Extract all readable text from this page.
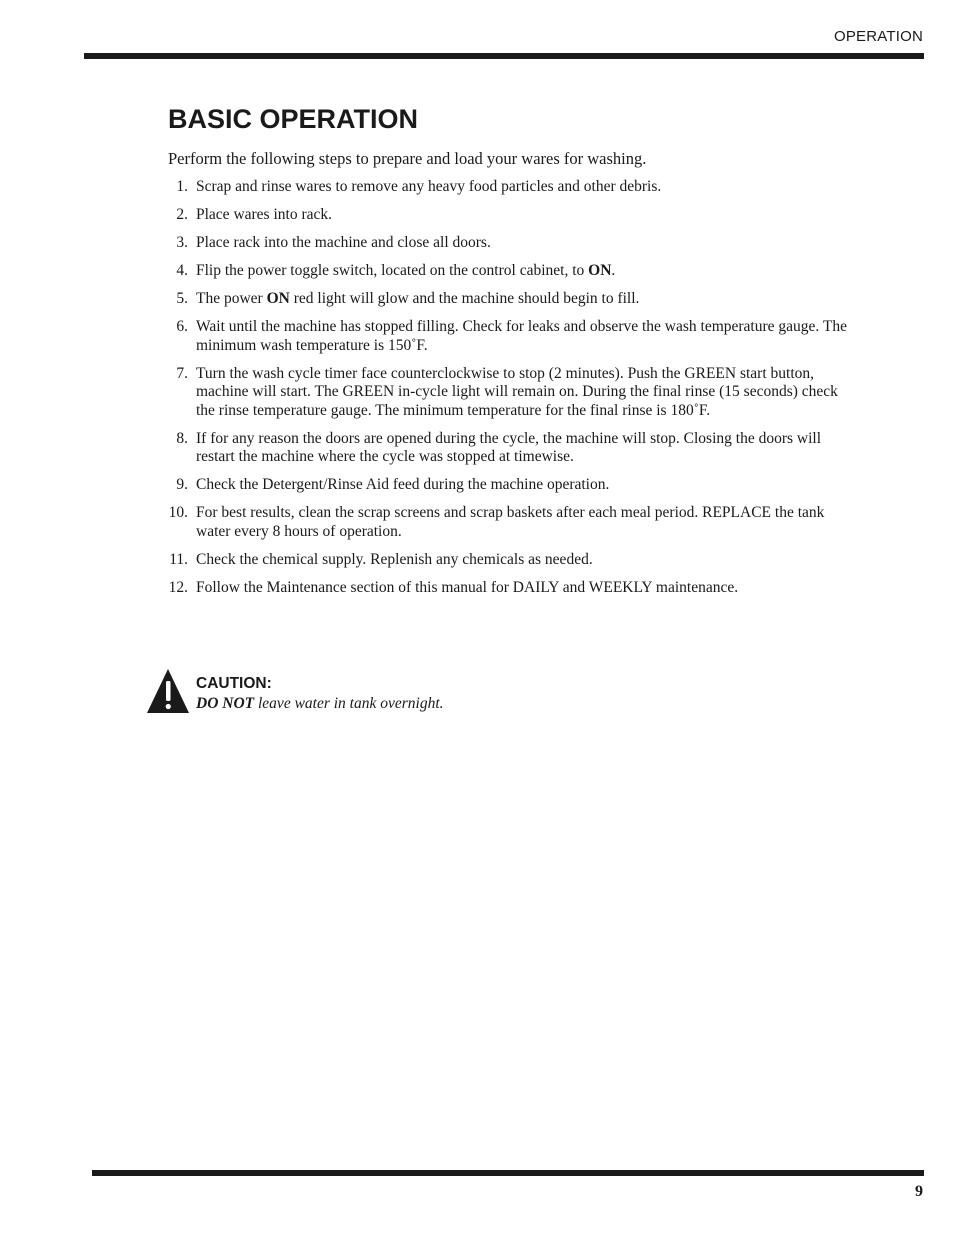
OPERATION
BASIC OPERATION
Perform the following steps to prepare and load your wares for washing.
1. Scrap and rinse wares to remove any heavy food particles and other debris.
2. Place wares into rack.
3. Place rack into the machine and close all doors.
4. Flip the power toggle switch, located on the control cabinet, to ON.
5. The power ON red light will glow and the machine should begin to fill.
6. Wait until the machine has stopped filling. Check for leaks and observe the wash temperature gauge. The minimum wash temperature is 150˚F.
7. Turn the wash cycle timer face counterclockwise to stop (2 minutes). Push the GREEN start button, machine will start. The GREEN in-cycle light will remain on. During the final rinse (15 seconds) check the rinse temperature gauge. The minimum temperature for the final rinse is 180˚F.
8. If for any reason the doors are opened during the cycle, the machine will stop. Closing the doors will restart the machine where the cycle was stopped at timewise.
9. Check the Detergent/Rinse Aid feed during the machine operation.
10. For best results, clean the scrap screens and scrap baskets after each meal period. REPLACE the tank water every 8 hours of operation.
11. Check the chemical supply. Replenish any chemicals as needed.
12. Follow the Maintenance section of this manual for DAILY and WEEKLY maintenance.
CAUTION:
DO NOT leave water in tank overnight.
9
